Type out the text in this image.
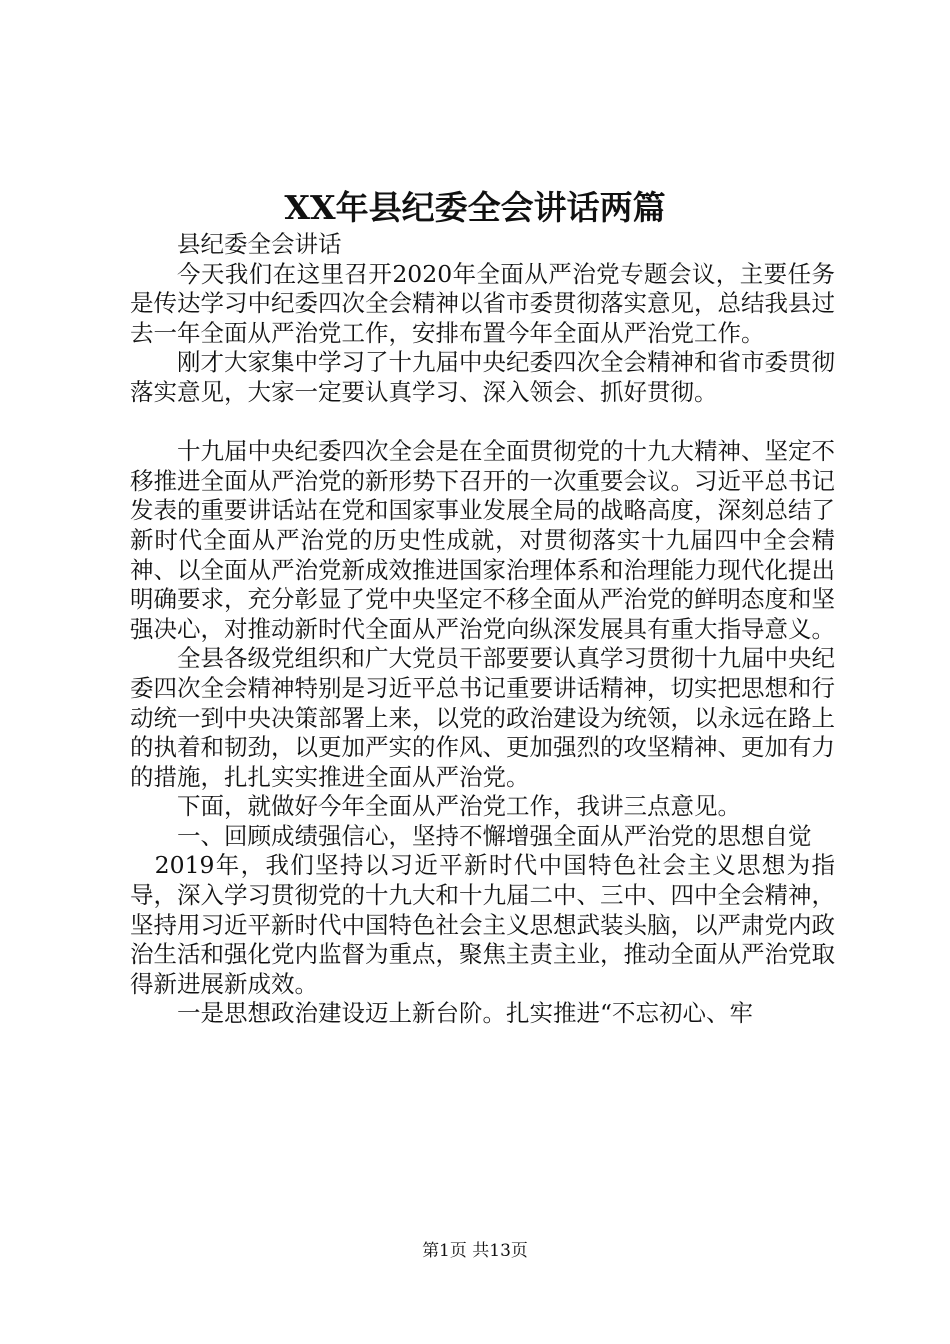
XX年县纪委全会讲话两篇

县纪委全会讲话

今天我们在这里召开2020年全面从严治党专题会议，主要任务是传达学习中纪委四次全会精神以省市委贯彻落实意见，总结我县过去一年全面从严治党工作，安排布置今年全面从严治党工作。

刚才大家集中学习了十九届中央纪委四次全会精神和省市委贯彻落实意见，大家一定要认真学习、深入领会、抓好贯彻。

十九届中央纪委四次全会是在全面贯彻党的十九大精神、坚定不移推进全面从严治党的新形势下召开的一次重要会议。习近平总书记发表的重要讲话站在党和国家事业发展全局的战略高度，深刻总结了新时代全面从严治党的历史性成就，对贯彻落实十九届四中全会精神、以全面从严治党新成效推进国家治理体系和治理能力现代化提出明确要求，充分彰显了党中央坚定不移全面从严治党的鲜明态度和坚强决心，对推动新时代全面从严治党向纵深发展具有重大指导意义。

全县各级党组织和广大党员干部要要认真学习贯彻十九届中央纪委四次全会精神特别是习近平总书记重要讲话精神，切实把思想和行动统一到中央决策部署上来，以党的政治建设为统领，以永远在路上的执着和韧劲，以更加严实的作风、更加强烈的攻坚精神、更加有力的措施，扎扎实实推进全面从严治党。

下面，就做好今年全面从严治党工作，我讲三点意见。

一、回顾成绩强信心，坚持不懈增强全面从严治党的思想自觉

2019年，我们坚持以习近平新时代中国特色社会主义思想为指导，深入学习贯彻党的十九大和十九届二中、三中、四中全会精神，坚持用习近平新时代中国特色社会主义思想武装头脑，以严肃党内政治生活和强化党内监督为重点，聚焦主责主业，推动全面从严治党取得新进展新成效。

一是思想政治建设迈上新台阶。扎实推进“不忘初心、牢

第1页 共13页
